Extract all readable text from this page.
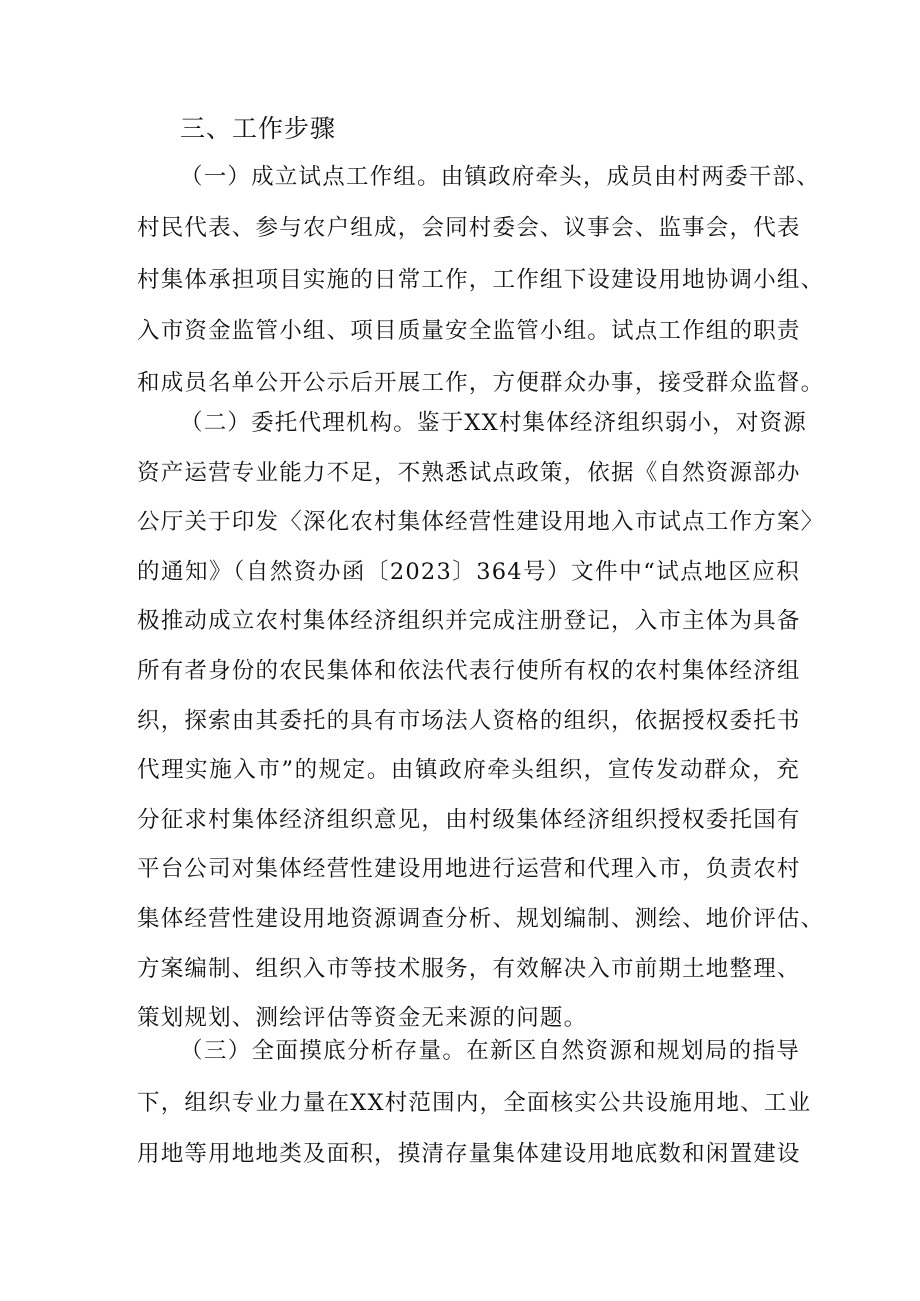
三、工作步骤
（一）成立试点工作组。由镇政府牵头，成员由村两委干部、
村民代表、参与农户组成，会同村委会、议事会、监事会，代表
村集体承担项目实施的日常工作，工作组下设建设用地协调小组、
入市资金监管小组、项目质量安全监管小组。试点工作组的职责
和成员名单公开公示后开展工作，方便群众办事，接受群众监督。
（二）委托代理机构。鉴于XX村集体经济组织弱小，对资源
资产运营专业能力不足，不熟悉试点政策，依据《自然资源部办
公厅关于印发〈深化农村集体经营性建设用地入市试点工作方案〉
的通知》（自然资办函〔2023〕364号）文件中“试点地区应积
极推动成立农村集体经济组织并完成注册登记，入市主体为具备
所有者身份的农民集体和依法代表行使所有权的农村集体经济组
织，探索由其委托的具有市场法人资格的组织，依据授权委托书
代理实施入市”的规定。由镇政府牵头组织，宣传发动群众，充
分征求村集体经济组织意见，由村级集体经济组织授权委托国有
平台公司对集体经营性建设用地进行运营和代理入市，负责农村
集体经营性建设用地资源调查分析、规划编制、测绘、地价评估、
方案编制、组织入市等技术服务，有效解决入市前期土地整理、
策划规划、测绘评估等资金无来源的问题。
（三）全面摸底分析存量。在新区自然资源和规划局的指导
下，组织专业力量在XX村范围内，全面核实公共设施用地、工业
用地等用地地类及面积，摸清存量集体建设用地底数和闲置建设
